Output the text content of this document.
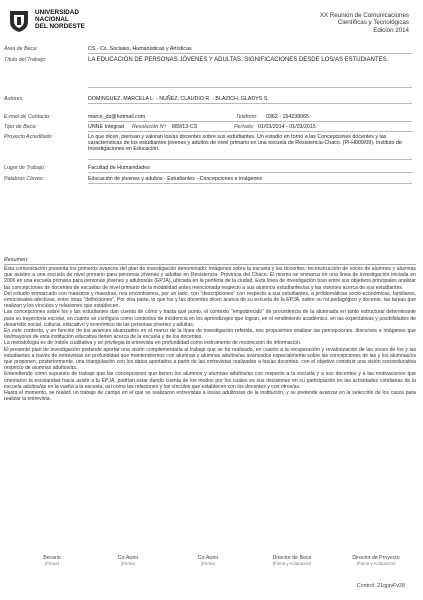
UNIVERSIDAD
NACIONAL
DEL NORDESTE
XX Reunión de Comunicaciones
Científicas y Tecnológicas
Edición 2014
Área de Beca:	CS - Cs. Sociales, Humanísticas y Artísticas
Título del Trabajo:	LA EDUCACIÓN DE PERSONAS JÓVENES Y ADULTAS. SIGNIFICACIONES DESDE LOS/AS ESTUDIANTES.
Autores:	DOMINGUEZ, MARCELA L. - NUÑEZ, CLAUDIO R. - BLAZICH, GLADYS S.
E-mail de Contacto:	marce_dz@hotmail.com	Teléfono: 0362 - 154238065
Tipo de Beca:	UNNE Integrad Resolución Nº: 889/13-CS	Período: 01/03/2014 - 01/03/2015
Proyecto Acreditado:	Lo que dicen, piensan y valoran los/as docentes sobre sus estudiantes. Un estudio en torno a las Concepciones docentes y las características de los estudiantes jóvenes y adultos de nivel primario en una escuela de Resistencia-Chaco. (PI-H009/09). Instituto de Investigaciones en Educación.
Lugar de Trabajo:	Facultad de Humanidades
Palabras Claves:	Educación de jóvenes y adultos - Estudiantes - Concepciones e imágenes
Resumen:

Esta comunicación presenta los primeros avances del plan de investigación denominado: Imágenes sobre la escuela y los docentes: reconstrucción de voces de alumnos y alumnas que asisten a una escuela de nivel primario para personas jóvenes y adultas en Resistencia, Provincia del Chaco. El mismo se enmarca en una línea de investigación iniciada en 2006 en una escuela primaria para personas jóvenes y adultos/as (EPJA), ubicada en la periferia de la ciudad. Esta línea de investigación tuvo entre sus objetivos principales analizar las concepciones de docentes de escuelas de nivel primario de la modalidad antes mencionada respecto a sus alumnos estudiantes/as y las visiones acerca de sus estudiantes.

Del estudio enmarcado con maestros y maestras, nos encontramos, por un lado, con "descripciones" con respecto a sus estudiantes, a problemáticas socio-económicas, familiares, emocionales-afectivas, entre otras "definiciones". Por otra parte, lo que los y las docentes dicen acerca de su escuela de la EPJA, sobre su rol pedagógico y docente, las tareas que realizan y los vínculos y relaciones que establecen.

Las concepciones sobre los y las estudiantes dan cuenta de cómo y hasta qué punto, el contexto "empobrecido" de procedencia de la alumnada en tanto estructural determinante para su trayectoria escolar, en cuanto se configura como contextos de incidencia en los aprendizajes que logran, en el rendimiento académico, en las expectativas y posibilidades de desarrollo social, cultural, educativo y económico de las personas jóvenes y adultas.

En este contexto, y en función de los avances alcanzados en el marco de la línea de investigación referida, nos propusimos analizar las percepciones, discursos e imágenes que las/mayores de esta institución educativa tienen acerca de la escuela y de los docentes.

La metodología es de índole cualitativa y se privilegia la entrevista en profundidad como instrumento de recolección de información.

El presente plan de investigación pretende aportar una visión complementaria al trabajo que se ha realizado, en cuanto a la recuperación y revalorización de las voces de los y las estudiantes a través de entrevistas en profundidad que mantendremos con alumnas y alumnas adultos/as avanzados especialmente sobre las concepciones de las y los alumnas/os que proponen, posteriormente, una triangulación con los datos aportados a partir de las entrevistas realizadas a los/as docentes, con el objetivo construir una visión socioeducativa respecto de alumnas adultos/as.

Entendiendo como supuesto de trabajo que las concepciones que tienen los alumnos y alumnas adultos/as con respecto a la escuela y a sus docentes y a las motivaciones que orientaron la escolaridad hacia asistir a la EPJA, podrían estar dando cuenta de los modos por los cuales es sus decisiones en su participación en las actividades cotidianas de la escuela adultos/as en la vuelta a la escuela, así como las relaciones y los vínculos que establecen con los docentes y con otros/as.

Hasta el momento, se realizó un trabajo de campo en el que se realizaron entrevistas a los/as adultos/as de la institución, y se pretende avanzar en la selección de los casos para realizar la entrevista.

Becario
(Firma)
Co-Autor
(Firma)
Co-Autor
(Firma)
Director de Beca
(Firma y Aclaración)
Director de Proyecto
(Firma y Aclaración)
Control: 21qjqvFv28
